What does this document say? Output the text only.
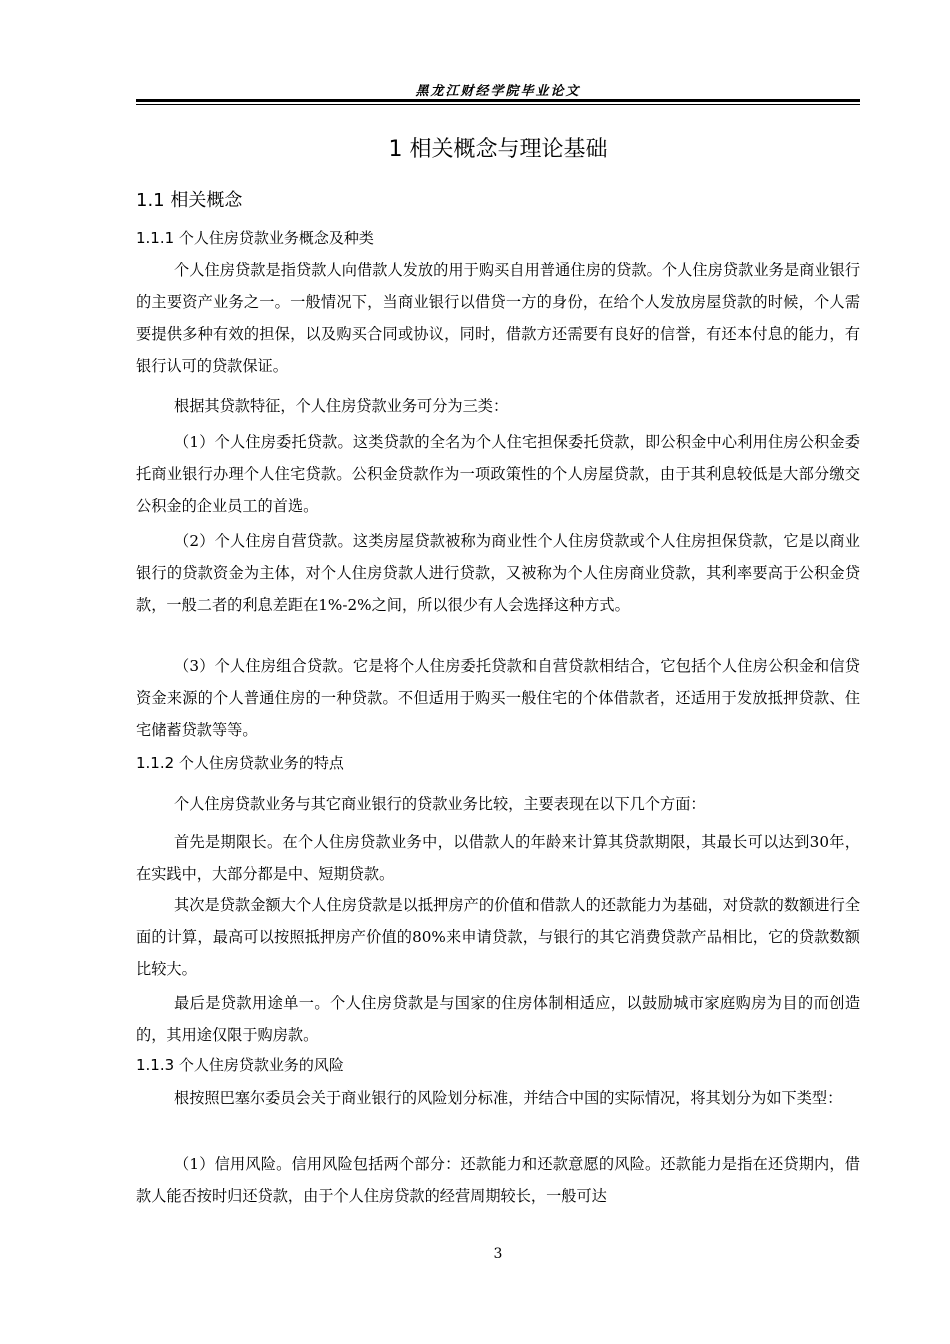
黑龙江财经学院毕业论文
1 相关概念与理论基础
1.1 相关概念
1.1.1 个人住房贷款业务概念及种类
个人住房贷款是指贷款人向借款人发放的用于购买自用普通住房的贷款。个人住房贷款业务是商业银行的主要资产业务之一。一般情况下，当商业银行以借贷一方的身份，在给个人发放房屋贷款的时候，个人需要提供多种有效的担保，以及购买合同或协议，同时，借款方还需要有良好的信誉，有还本付息的能力，有银行认可的贷款保证。
根据其贷款特征，个人住房贷款业务可分为三类：
（1）个人住房委托贷款。这类贷款的全名为个人住宅担保委托贷款，即公积金中心利用住房公积金委托商业银行办理个人住宅贷款。公积金贷款作为一项政策性的个人房屋贷款，由于其利息较低是大部分缴交公积金的企业员工的首选。
（2）个人住房自营贷款。这类房屋贷款被称为商业性个人住房贷款或个人住房担保贷款，它是以商业银行的贷款资金为主体，对个人住房贷款人进行贷款，又被称为个人住房商业贷款，其利率要高于公积金贷款，一般二者的利息差距在1%-2%之间，所以很少有人会选择这种方式。
（3）个人住房组合贷款。它是将个人住房委托贷款和自营贷款相结合，它包括个人住房公积金和信贷资金来源的个人普通住房的一种贷款。不但适用于购买一般住宅的个体借款者，还适用于发放抵押贷款、住宅储蓄贷款等等。
1.1.2 个人住房贷款业务的特点
个人住房贷款业务与其它商业银行的贷款业务比较，主要表现在以下几个方面：
首先是期限长。在个人住房贷款业务中，以借款人的年龄来计算其贷款期限，其最长可以达到30年，在实践中，大部分都是中、短期贷款。
其次是贷款金额大个人住房贷款是以抵押房产的价值和借款人的还款能力为基础，对贷款的数额进行全面的计算，最高可以按照抵押房产价值的80%来申请贷款，与银行的其它消费贷款产品相比，它的贷款数额比较大。
最后是贷款用途单一。个人住房贷款是与国家的住房体制相适应，以鼓励城市家庭购房为目的而创造的，其用途仅限于购房款。
1.1.3 个人住房贷款业务的风险
根按照巴塞尔委员会关于商业银行的风险划分标准，并结合中国的实际情况，将其划分为如下类型：
（1）信用风险。信用风险包括两个部分：还款能力和还款意愿的风险。还款能力是指在还贷期内，借款人能否按时归还贷款，由于个人住房贷款的经营周期较长，一般可达
3
